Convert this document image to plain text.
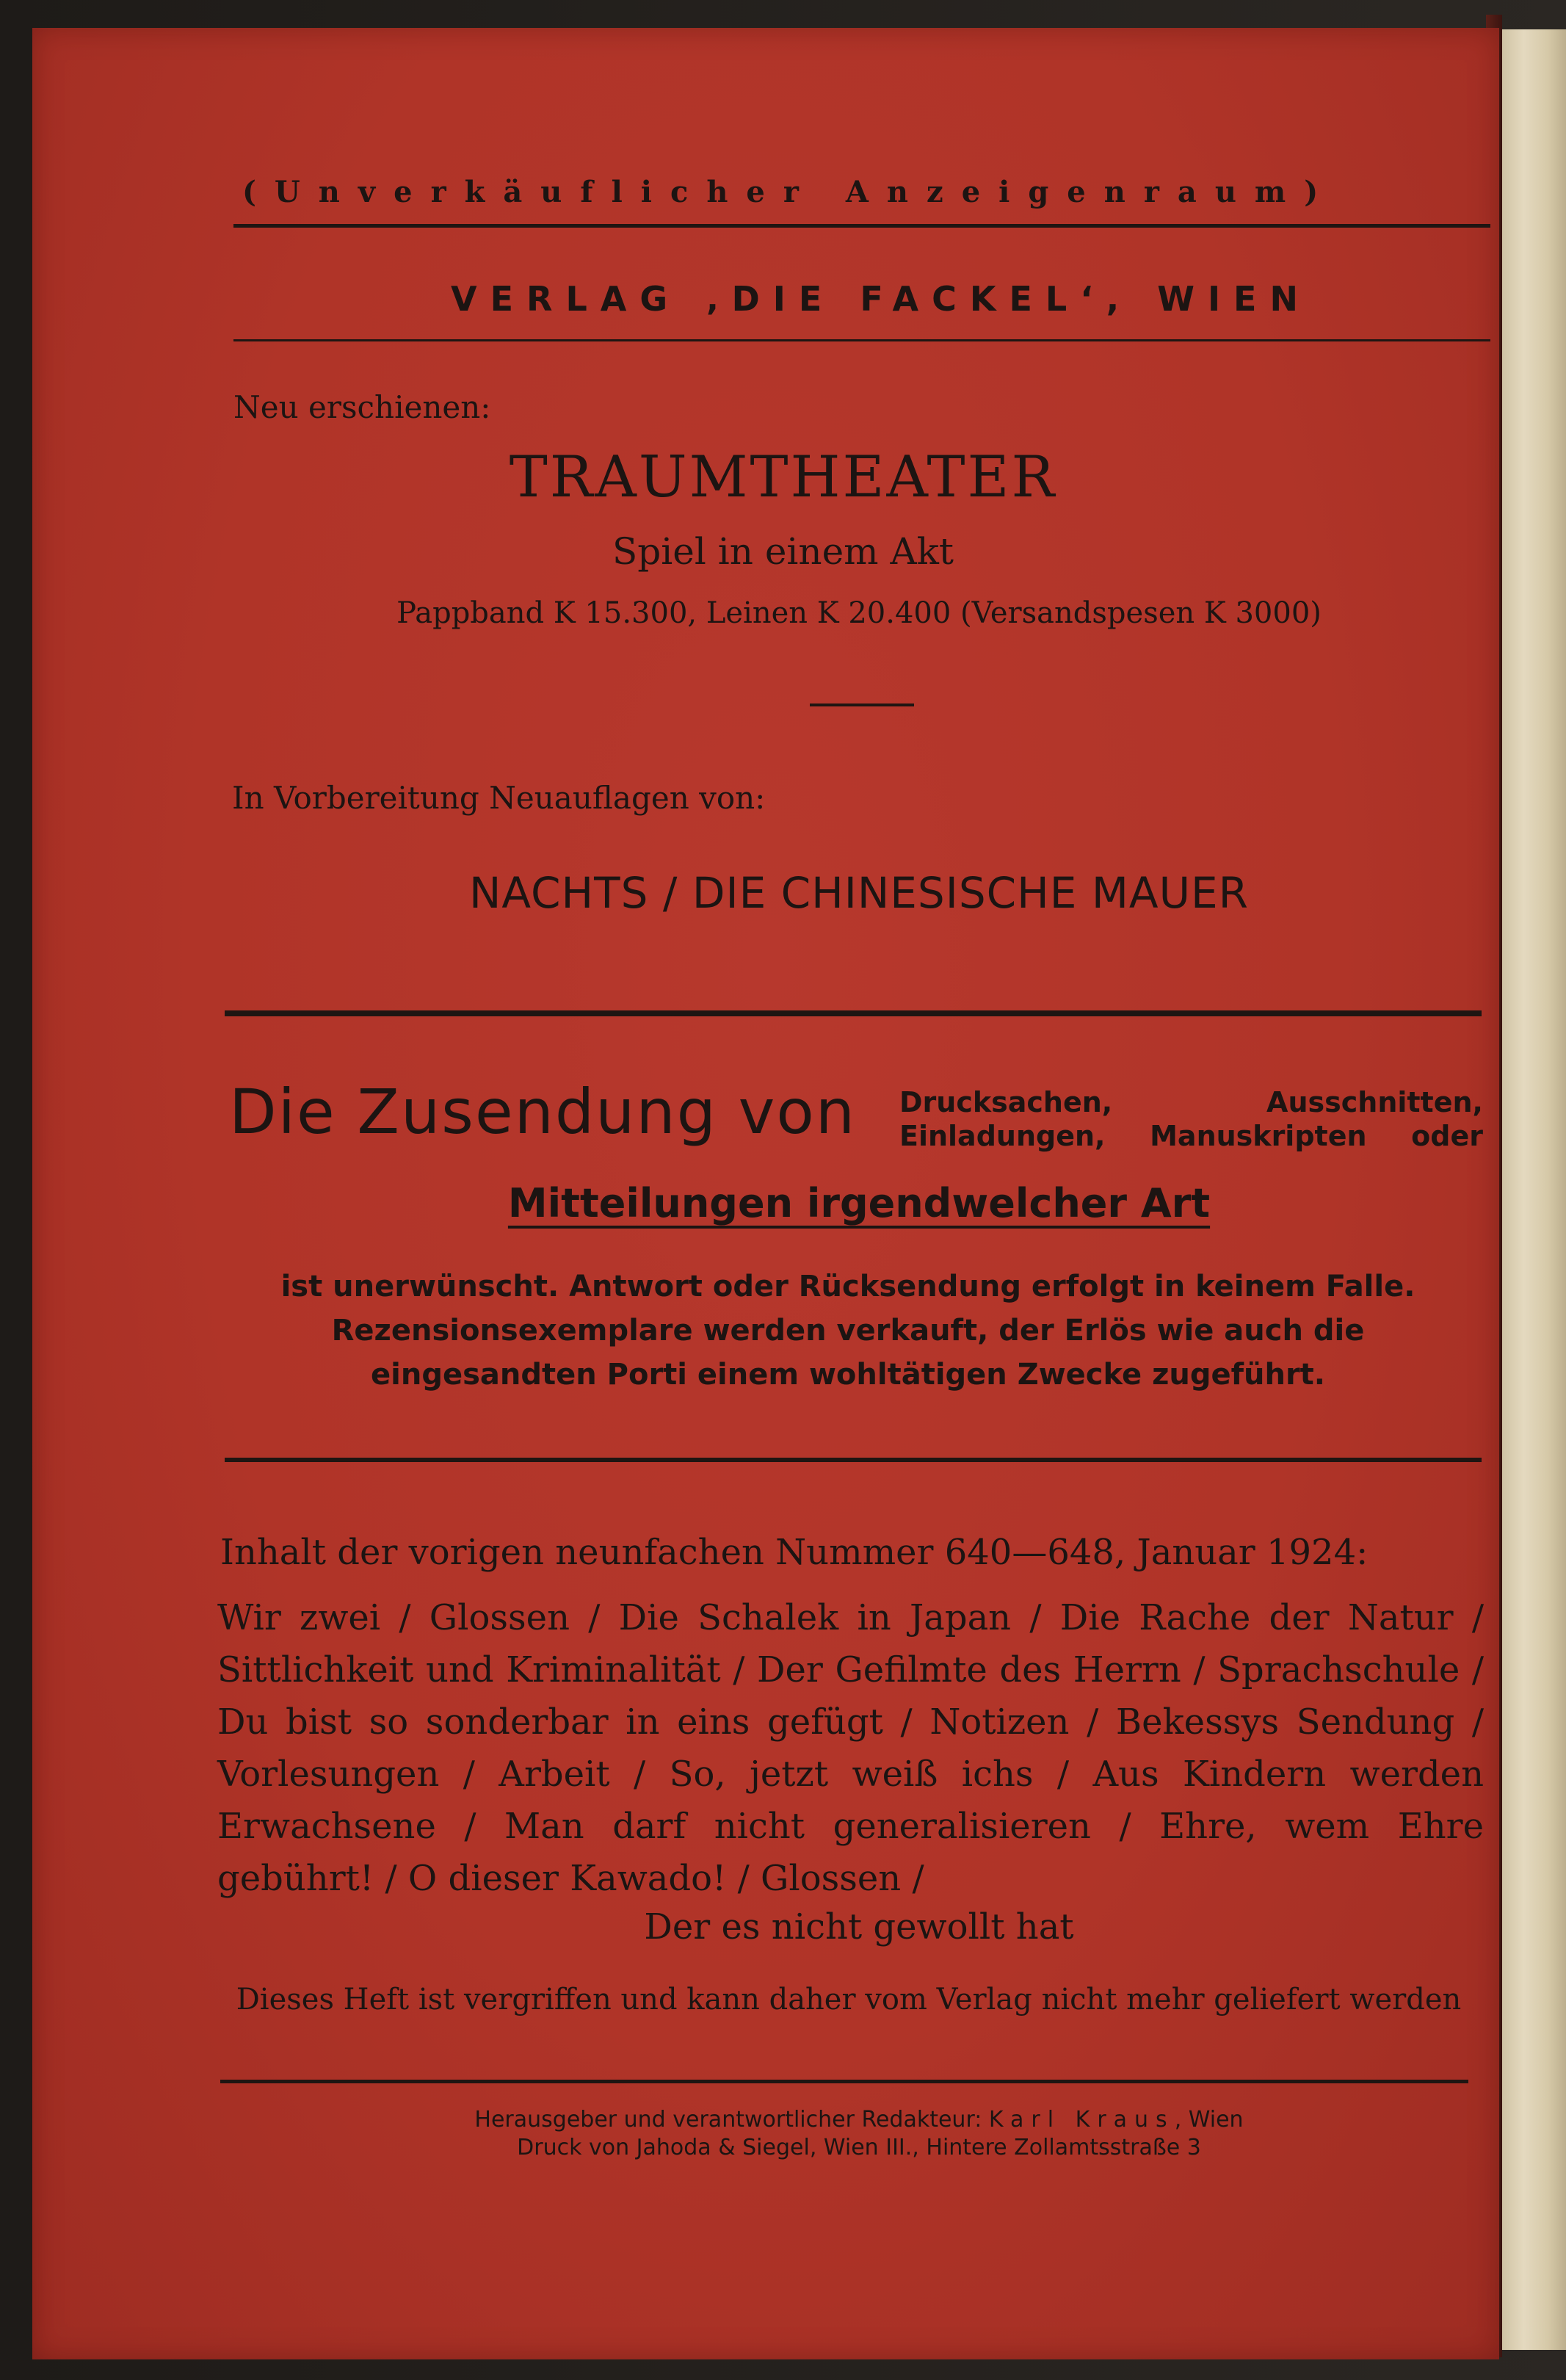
(Unverkäuflicher Anzeigenraum)
VERLAG ‚DIE FACKEL‘, WIEN
Neu erschienen:
TRAUMTHEATER
Spiel in einem Akt
Pappband K 15.300, Leinen K 20.400 (Versandspesen K 3000)
In Vorbereitung Neuauflagen von:
NACHTS / DIE CHINESISCHE MAUER
Die Zusendung von Drucksachen, Ausschnitten, Einladungen, Manuskripten oder
Mitteilungen irgendwelcher Art
ist unerwünscht. Antwort oder Rücksendung erfolgt in keinem Falle. Rezensionsexemplare werden verkauft, der Erlös wie auch die eingesandten Porti einem wohltätigen Zwecke zugeführt.
Inhalt der vorigen neunfachen Nummer 640—648, Januar 1924:
Wir zwei / Glossen / Die Schalek in Japan / Die Rache der Natur / Sittlichkeit und Kriminalität / Der Gefilmte des Herrn / Sprachschule / Du bist so sonderbar in eins gefügt / Notizen / Bekessys Sendung / Vorlesungen / Arbeit / So, jetzt weiß ichs / Aus Kindern werden Erwachsene / Man darf nicht generalisieren / Ehre, wem Ehre gebührt! / O dieser Kawado! / Glossen /
Der es nicht gewollt hat
Dieses Heft ist vergriffen und kann daher vom Verlag nicht mehr geliefert werden
Herausgeber und verantwortlicher Redakteur: Karl Kraus, Wien
Druck von Jahoda & Siegel, Wien III., Hintere Zollamtsstraße 3
